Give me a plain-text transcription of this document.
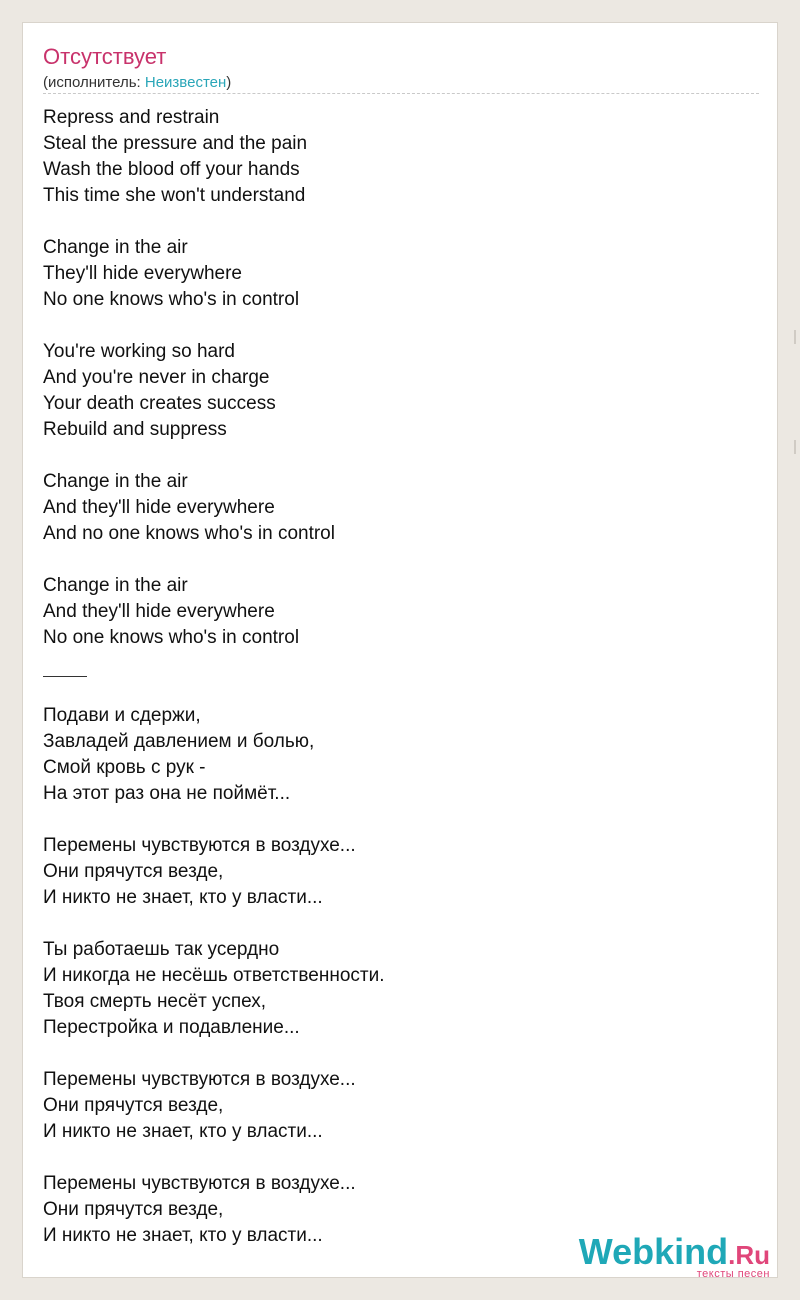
Отсутствует
(исполнитель: Неизвестен)
Repress and restrain
Steal the pressure and the pain
Wash the blood off your hands
This time she won't understand
Change in the air
They'll hide everywhere
No one knows who's in control
You're working so hard
And you're never in charge
Your death creates success
Rebuild and suppress
Change in the air
And they'll hide everywhere
And no one knows who's in control
Change in the air
And they'll hide everywhere
No one knows who's in control
Подави и сдержи,
Завладей давлением и болью,
Смой кровь с рук -
На этот раз она не поймёт...
Перемены чувствуются в воздухе...
Они прячутся везде,
И никто не знает, кто у власти...
Ты работаешь так усердно
И никогда не несёшь ответственности.
Твоя смерть несёт успех,
Перестройка и подавление...
Перемены чувствуются в воздухе...
Они прячутся везде,
И никто не знает, кто у власти...
Перемены чувствуются в воздухе...
Они прячутся везде,
И никто не знает, кто у власти...	Webkind.Ru
тексты песен
